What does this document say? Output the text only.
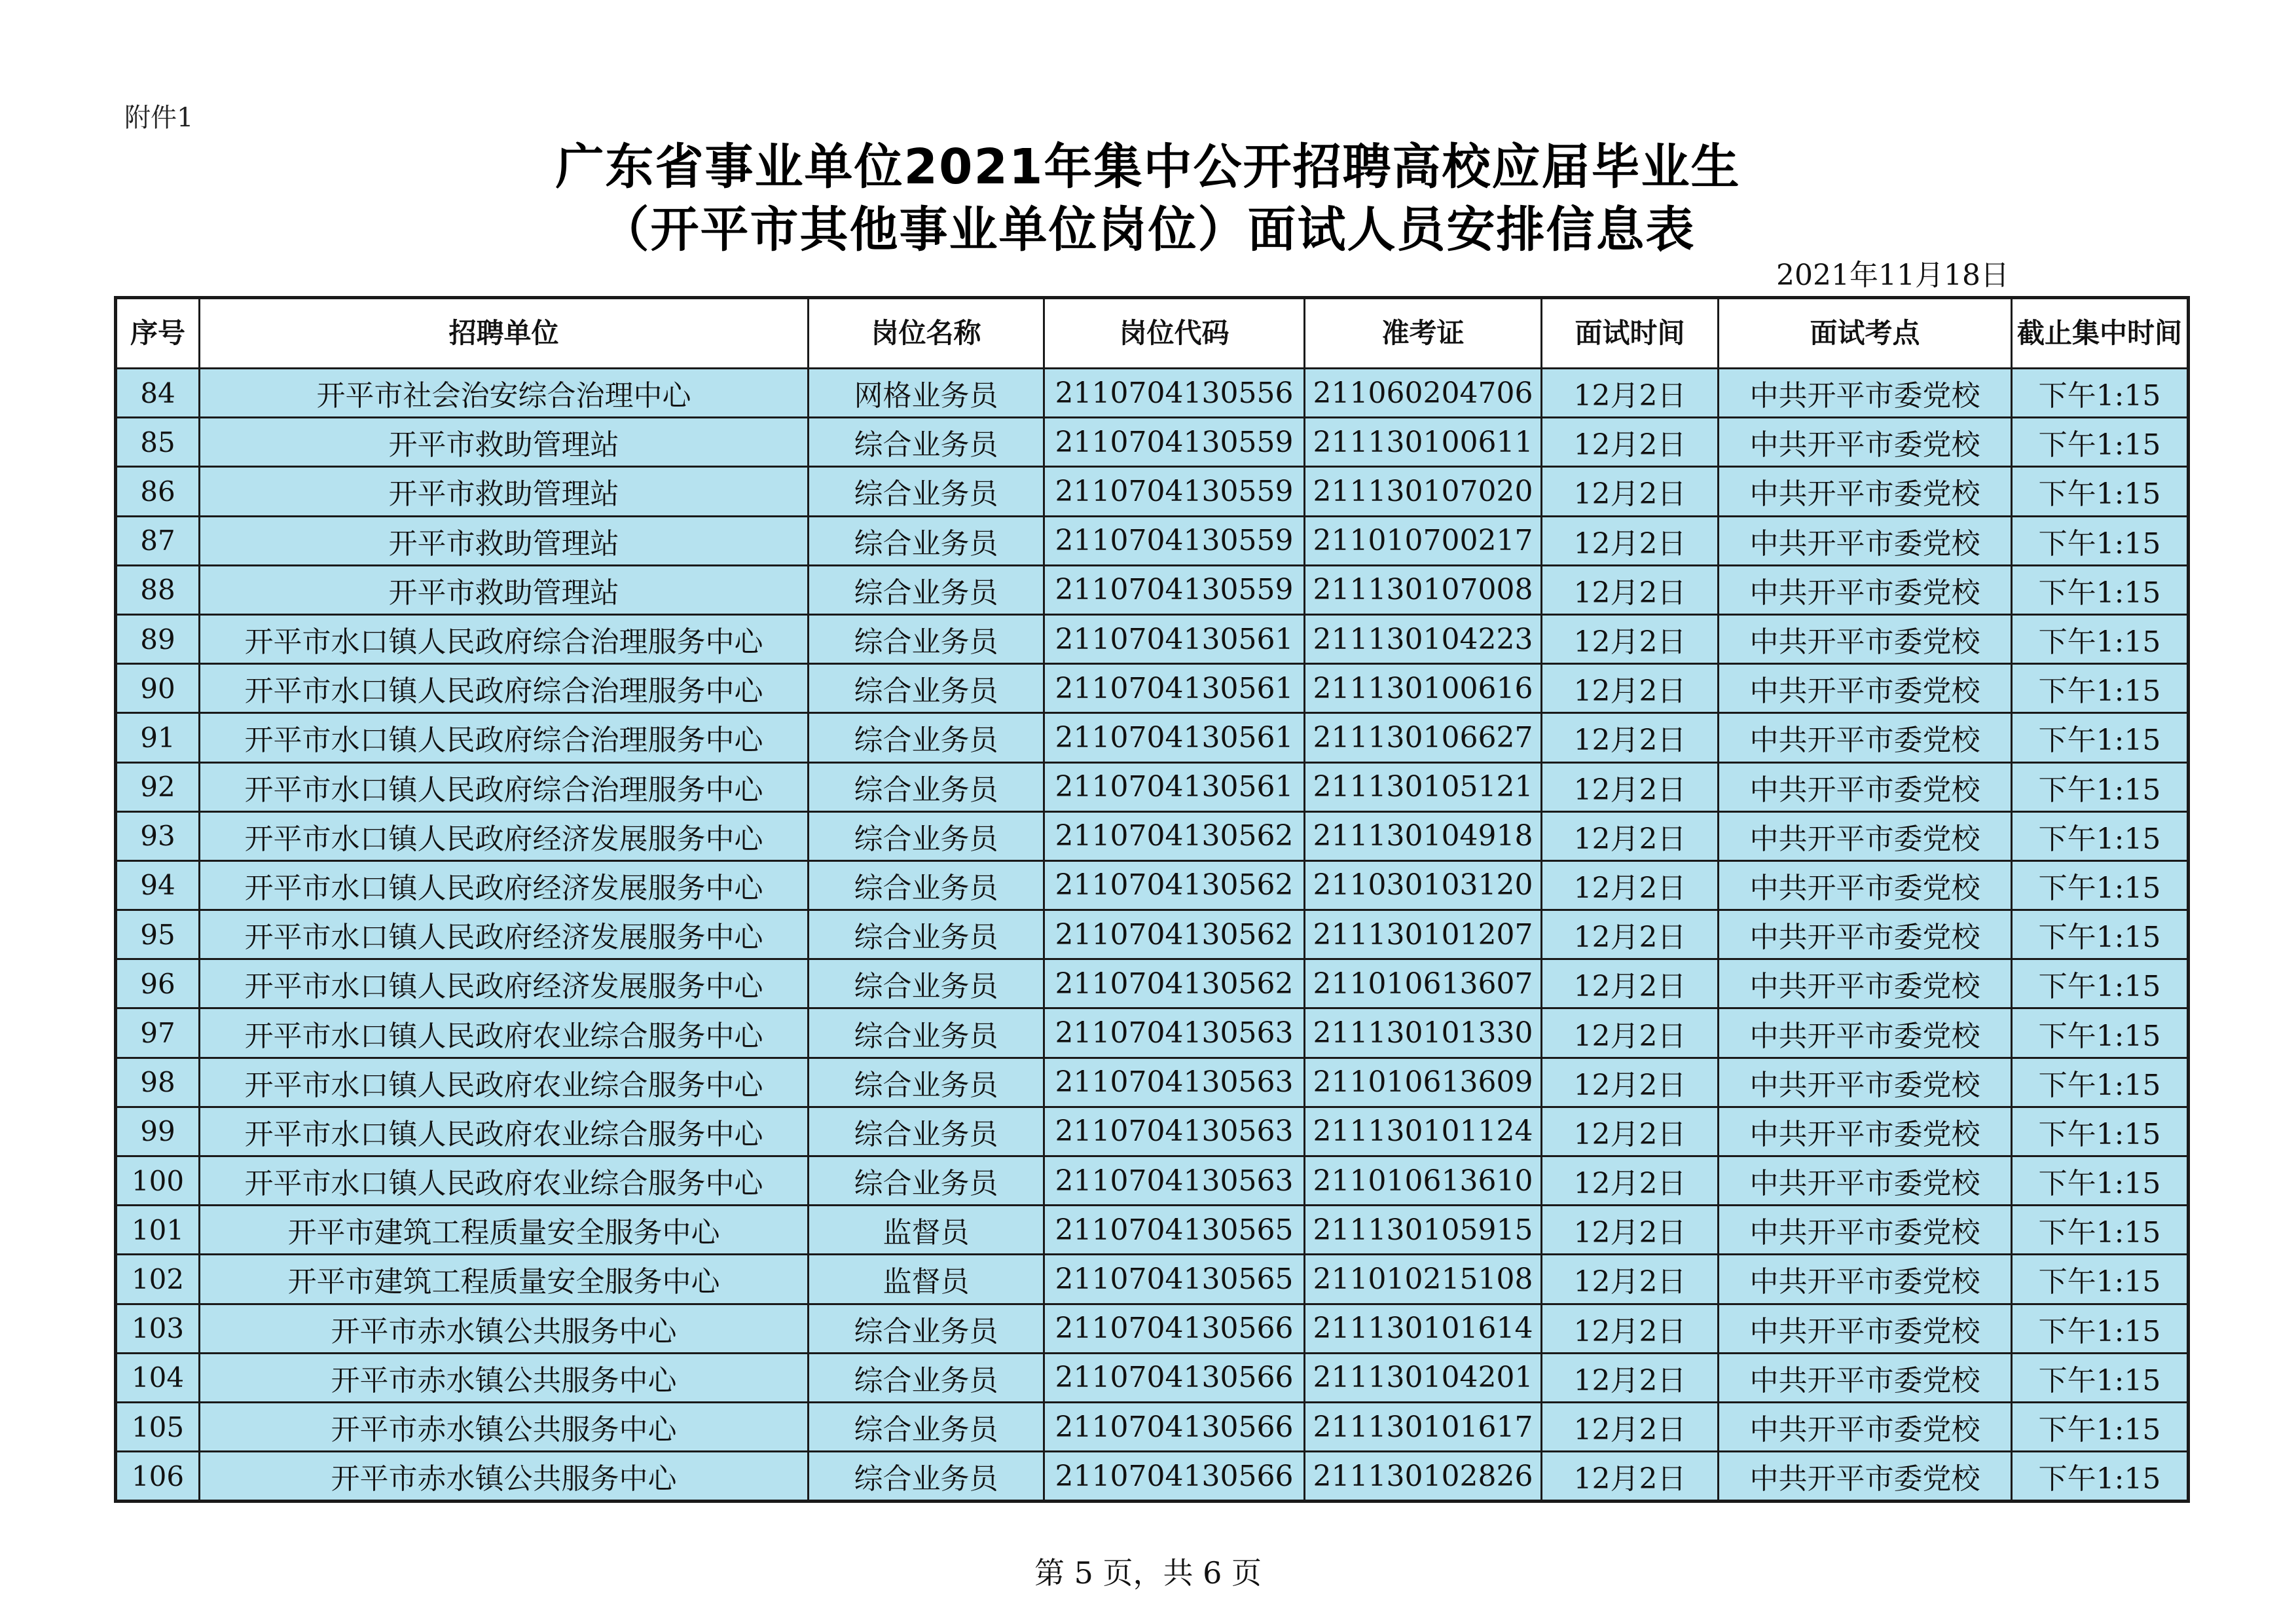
附件1
广东省事业单位2021年集中公开招聘高校应届毕业生
（开平市其他事业单位岗位）面试人员安排信息表
2021年11月18日
序号	招聘单位	岗位名称	岗位代码	准考证	面试时间	面试考点	截止集中时间
84	开平市社会治安综合治理中心	网格业务员	2110704130556	211060204706	12月2日	中共开平市委党校	下午1:15
85	开平市救助管理站	综合业务员	2110704130559	211130100611	12月2日	中共开平市委党校	下午1:15
86	开平市救助管理站	综合业务员	2110704130559	211130107020	12月2日	中共开平市委党校	下午1:15
87	开平市救助管理站	综合业务员	2110704130559	211010700217	12月2日	中共开平市委党校	下午1:15
88	开平市救助管理站	综合业务员	2110704130559	211130107008	12月2日	中共开平市委党校	下午1:15
89	开平市水口镇人民政府综合治理服务中心	综合业务员	2110704130561	211130104223	12月2日	中共开平市委党校	下午1:15
90	开平市水口镇人民政府综合治理服务中心	综合业务员	2110704130561	211130100616	12月2日	中共开平市委党校	下午1:15
91	开平市水口镇人民政府综合治理服务中心	综合业务员	2110704130561	211130106627	12月2日	中共开平市委党校	下午1:15
92	开平市水口镇人民政府综合治理服务中心	综合业务员	2110704130561	211130105121	12月2日	中共开平市委党校	下午1:15
93	开平市水口镇人民政府经济发展服务中心	综合业务员	2110704130562	211130104918	12月2日	中共开平市委党校	下午1:15
94	开平市水口镇人民政府经济发展服务中心	综合业务员	2110704130562	211030103120	12月2日	中共开平市委党校	下午1:15
95	开平市水口镇人民政府经济发展服务中心	综合业务员	2110704130562	211130101207	12月2日	中共开平市委党校	下午1:15
96	开平市水口镇人民政府经济发展服务中心	综合业务员	2110704130562	211010613607	12月2日	中共开平市委党校	下午1:15
97	开平市水口镇人民政府农业综合服务中心	综合业务员	2110704130563	211130101330	12月2日	中共开平市委党校	下午1:15
98	开平市水口镇人民政府农业综合服务中心	综合业务员	2110704130563	211010613609	12月2日	中共开平市委党校	下午1:15
99	开平市水口镇人民政府农业综合服务中心	综合业务员	2110704130563	211130101124	12月2日	中共开平市委党校	下午1:15
100	开平市水口镇人民政府农业综合服务中心	综合业务员	2110704130563	211010613610	12月2日	中共开平市委党校	下午1:15
101	开平市建筑工程质量安全服务中心	监督员	2110704130565	211130105915	12月2日	中共开平市委党校	下午1:15
102	开平市建筑工程质量安全服务中心	监督员	2110704130565	211010215108	12月2日	中共开平市委党校	下午1:15
103	开平市赤水镇公共服务中心	综合业务员	2110704130566	211130101614	12月2日	中共开平市委党校	下午1:15
104	开平市赤水镇公共服务中心	综合业务员	2110704130566	211130104201	12月2日	中共开平市委党校	下午1:15
105	开平市赤水镇公共服务中心	综合业务员	2110704130566	211130101617	12月2日	中共开平市委党校	下午1:15
106	开平市赤水镇公共服务中心	综合业务员	2110704130566	211130102826	12月2日	中共开平市委党校	下午1:15
第 5 页，共 6 页
